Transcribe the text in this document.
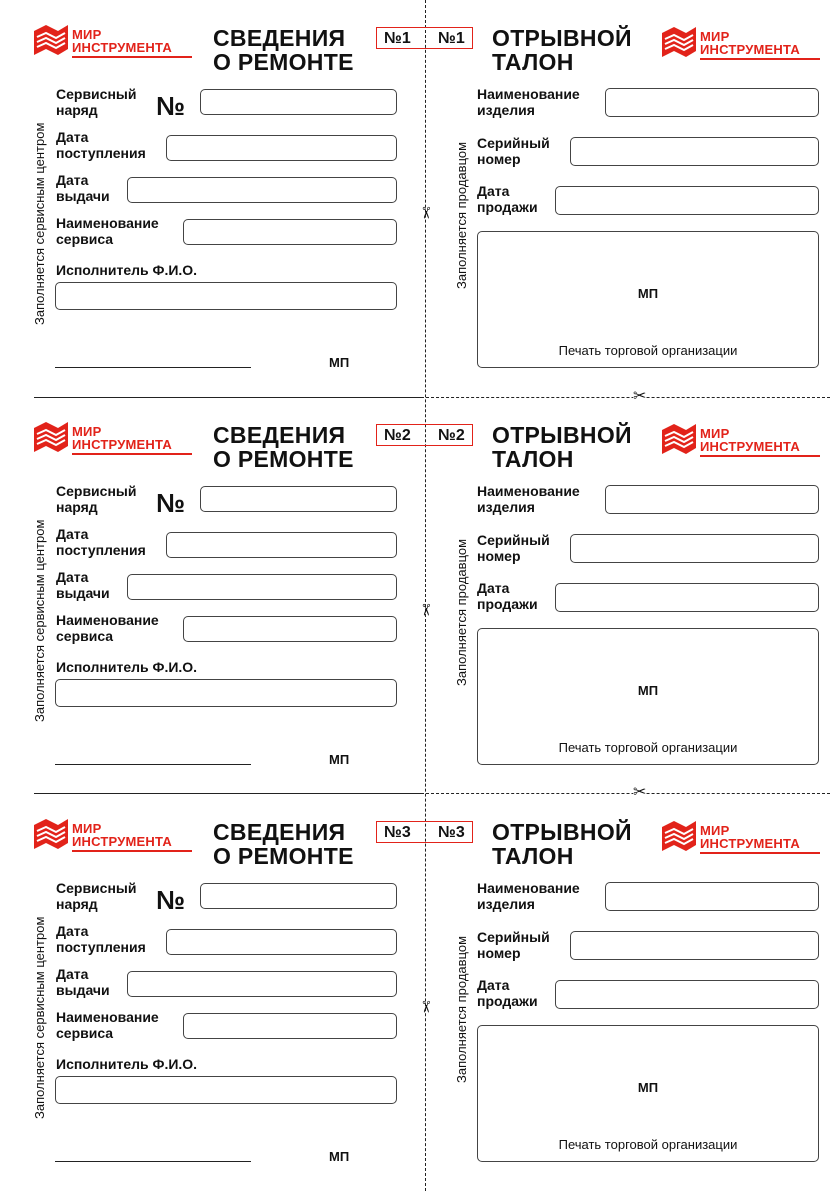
МИР
ИНСТРУМЕНТА СВЕДЕНИЯ
О РЕМОНТЕ
№1 №1
Заполняется сервисным центром
Сервисный
наряд	№
Дата
поступления
Дата
выдачи
Наименование
сервиса
Исполнитель Ф.И.О.
МП
✂
ОТРЫВНОЙ
ТАЛОН
МИР
ИНСТРУМЕНТА
Заполняется продавцом
Наименование
изделия
Серийный
номер
Дата
продажи
МП
Печать торговой организации
МИР
ИНСТРУМЕНТА СВЕДЕНИЯ
О РЕМОНТЕ
№2 №2
Заполняется сервисным центром
Сервисный
наряд	№
Дата
поступления
Дата
выдачи
Наименование
сервиса
Исполнитель Ф.И.О.
МП
✂
ОТРЫВНОЙ
ТАЛОН
МИР
ИНСТРУМЕНТА
Заполняется продавцом
Наименование
изделия
Серийный
номер
Дата
продажи
МП
Печать торговой организации
МИР
ИНСТРУМЕНТА СВЕДЕНИЯ
О РЕМОНТЕ
№3 №3
Заполняется сервисным центром
Сервисный
наряд	№
Дата
поступления
Дата
выдачи
Наименование
сервиса
Исполнитель Ф.И.О.
МП
✂
ОТРЫВНОЙ
ТАЛОН
МИР
ИНСТРУМЕНТА
Заполняется продавцом
Наименование
изделия
Серийный
номер
Дата
продажи
МП
Печать торговой организации
✂
✂
